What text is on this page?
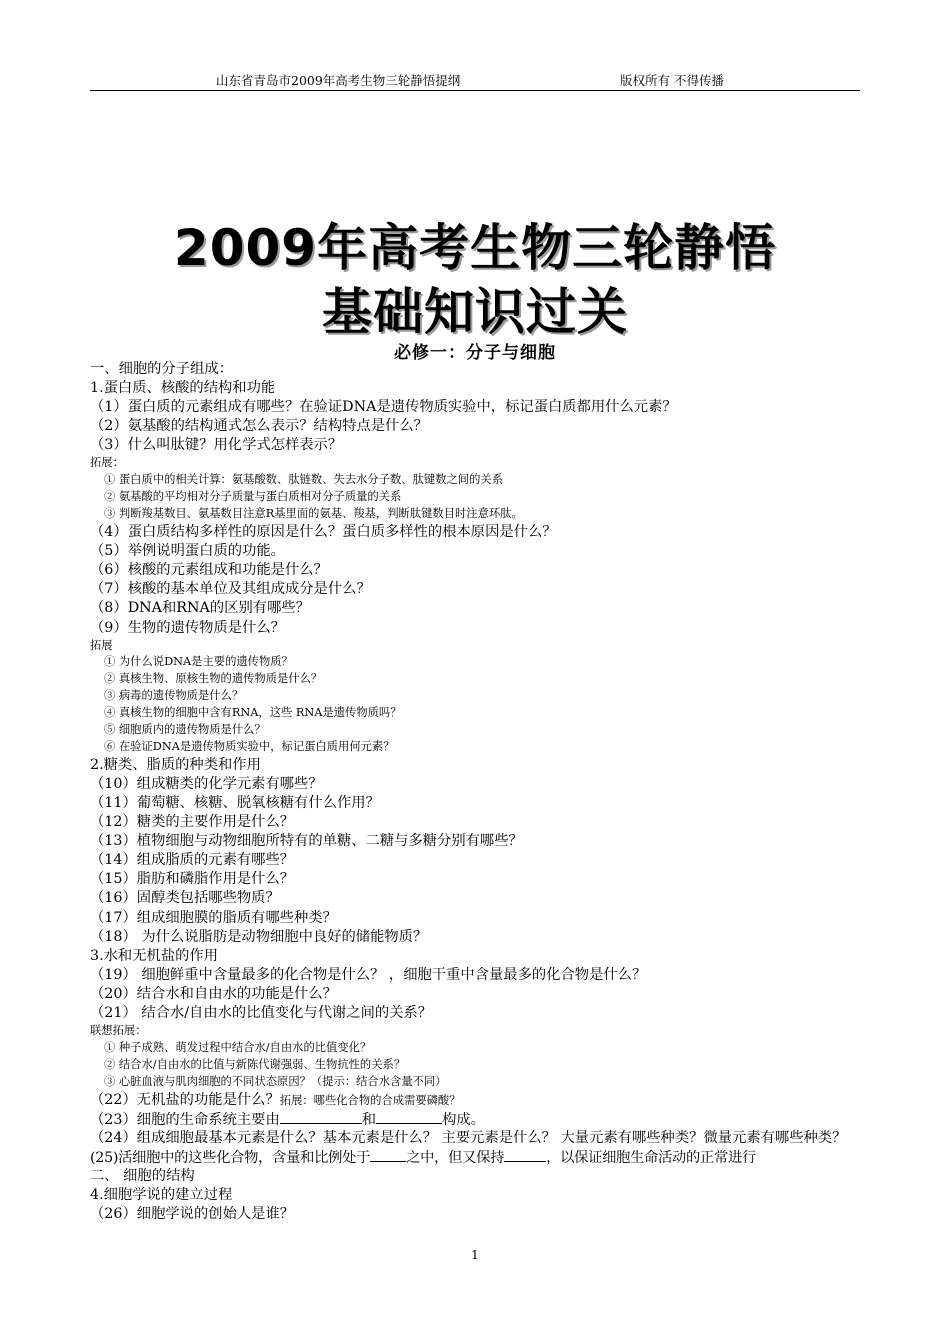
山东省青岛市2009年高考生物三轮静悟提纲	版权所有 不得传播
2009年高考生物三轮静悟
基础知识过关
必修一：分子与细胞
一、细胞的分子组成：
1.蛋白质、核酸的结构和功能
（1）蛋白质的元素组成有哪些？在验证DNA是遗传物质实验中，标记蛋白质都用什么元素？
（2）氨基酸的结构通式怎么表示？结构特点是什么？
（3）什么叫肽键？用化学式怎样表示？
拓展：
① 蛋白质中的相关计算：氨基酸数、肽链数、失去水分子数、肽键数之间的关系
② 氨基酸的平均相对分子质量与蛋白质相对分子质量的关系
③ 判断羧基数目、氨基数目注意R基里面的氨基、羧基，判断肽键数目时注意环肽。
（4）蛋白质结构多样性的原因是什么？蛋白质多样性的根本原因是什么？
（5）举例说明蛋白质的功能。
（6）核酸的元素组成和功能是什么？
（7）核酸的基本单位及其组成成分是什么？
（8）DNA和RNA的区别有哪些？
（9）生物的遗传物质是什么？
拓展
① 为什么说DNA是主要的遗传物质？
② 真核生物、原核生物的遗传物质是什么？
③ 病毒的遗传物质是什么？
④ 真核生物的细胞中含有RNA，这些 RNA是遗传物质吗？
⑤ 细胞质内的遗传物质是什么？
⑥ 在验证DNA是遗传物质实验中，标记蛋白质用何元素？
2.糖类、脂质的种类和作用
（10）组成糖类的化学元素有哪些？
（11）葡萄糖、核糖、脱氧核糖有什么作用？
（12）糖类的主要作用是什么？
（13）植物细胞与动物细胞所特有的单糖、二糖与多糖分别有哪些？
（14）组成脂质的元素有哪些？
（15）脂肪和磷脂作用是什么？
（16）固醇类包括哪些物质？
（17）组成细胞膜的脂质有哪些种类？
（18） 为什么说脂肪是动物细胞中良好的储能物质？
3.水和无机盐的作用
（19） 细胞鲜重中含量最多的化合物是什么？ ，细胞干重中含量最多的化合物是什么？
（20）结合水和自由水的功能是什么？
（21） 结合水/自由水的比值变化与代谢之间的关系？
联想拓展：
① 种子成熟、萌发过程中结合水/自由水的比值变化？
② 结合水/自由水的比值与新陈代谢强弱、生物抗性的关系？
③ 心脏血液与肌肉细胞的不同状态原因？（提示：结合水含量不同）
（22）无机盐的功能是什么？拓展：哪些化合物的合成需要磷酸？
（23）细胞的生命系统主要由	和	构成。
（24）组成细胞最基本元素是什么？基本元素是什么？ 主要元素是什么？ 大量元素有哪些种类？微量元素有哪些种类？
(25)活细胞中的这些化合物，含量和比例处于	之中，但又保持	，以保证细胞生命活动的正常进行
二、 细胞的结构
4.细胞学说的建立过程
（26）细胞学说的创始人是谁？
1
